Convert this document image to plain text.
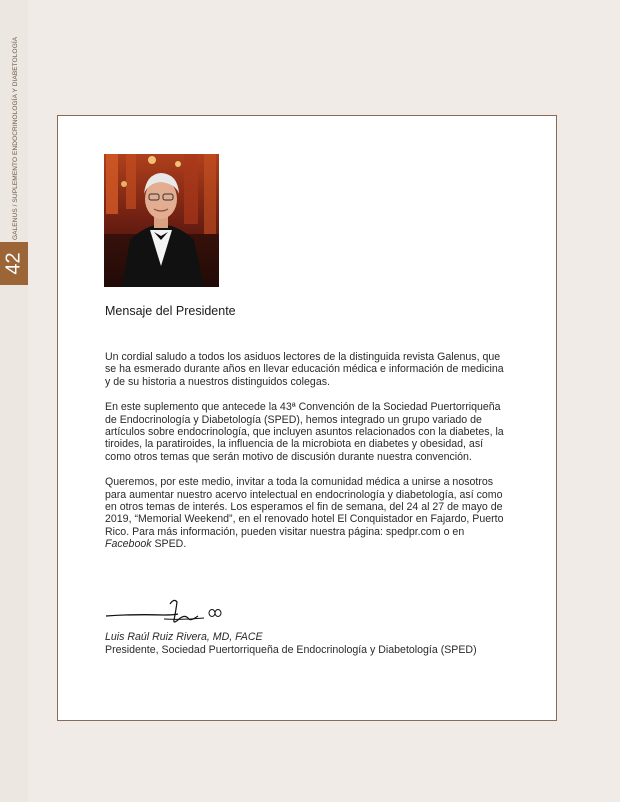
GALENUS / SUPLEMENTO ENDOCRINOLOGÍA Y DIABETOLOGÍA
42
Mensaje del Presidente

Un cordial saludo a todos los asiduos lectores de la distinguida revista Galenus, que se ha esmerado durante años en llevar educación médica e información de medicina y de su historia a nuestros distinguidos colegas.

En este suplemento que antecede la 43ª Convención de la Sociedad Puertorriqueña de Endocrinología y Diabetología (SPED), hemos integrado un grupo variado de artículos sobre endocrinología, que incluyen asuntos relacionados con la diabetes, la tiroides, la paratiroides, la influencia de la microbiota en diabetes y obesidad, así como otros temas que serán motivo de discusión durante nuestra convención.

Queremos, por este medio, invitar a toda la comunidad médica a unirse a nosotros para aumentar nuestro acervo intelectual en endocrinología y diabetología, así como en otros temas de interés. Los esperamos el fin de semana, del 24 al 27 de mayo de 2019, “Memorial Weekend”, en el renovado hotel El Conquistador en Fajardo, Puerto Rico. Para más información, pueden visitar nuestra página: spedpr.com o en Facebook SPED.

Luis Raúl Ruiz Rivera, MD, FACE
Presidente, Sociedad Puertorriqueña de Endocrinología y Diabetología (SPED)
